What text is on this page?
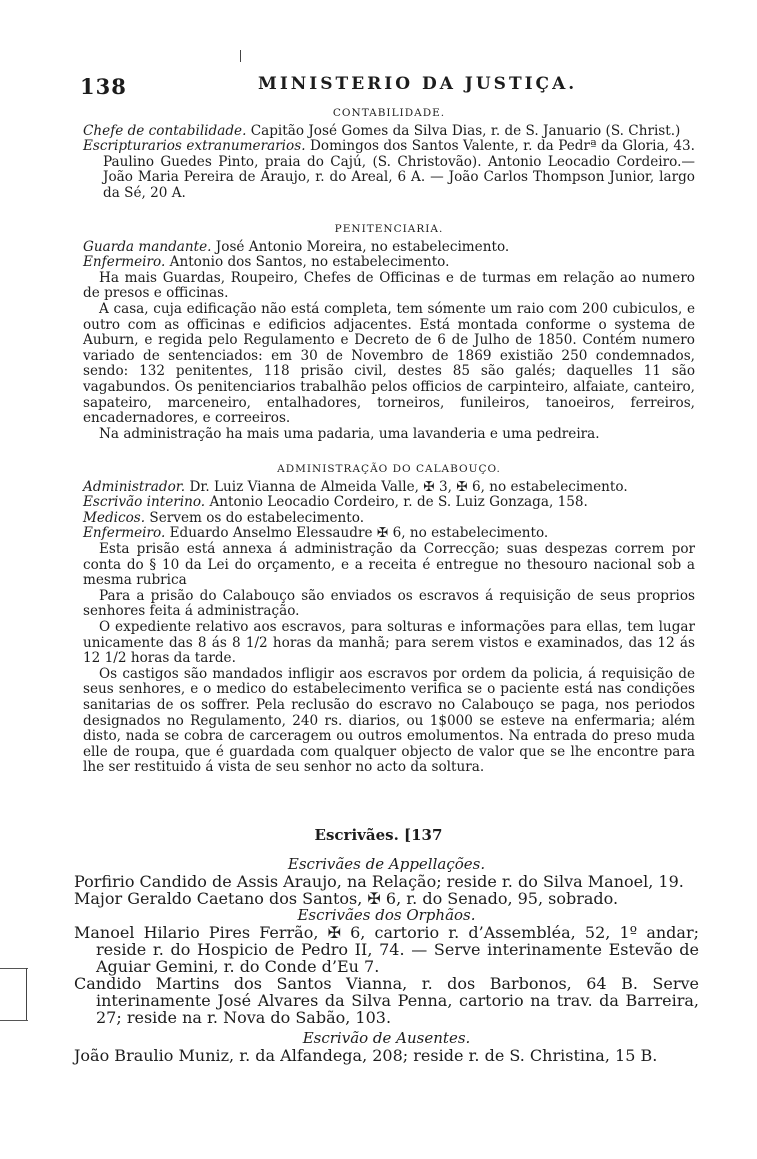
138	MINISTERIO DA JUSTIÇA.

CONTABILIDADE.

Chefe de contabilidade. Capitão José Gomes da Silva Dias, r. de S. Januario (S. Christ.)

Escripturarios extranumerarios. Domingos dos Santos Valente, r. da Pedrª da Gloria, 43. Paulino Guedes Pinto, praia do Cajú, (S. Christovão). Antonio Leocadio Cordeiro.— João Maria Pereira de Araujo, r. do Areal, 6 A. — João Carlos Thompson Junior, largo da Sé, 20 A.

PENITENCIARIA.

Guarda mandante. José Antonio Moreira, no estabelecimento.

Enfermeiro. Antonio dos Santos, no estabelecimento.

Ha mais Guardas, Roupeiro, Chefes de Officinas e de turmas em relação ao numero de presos e officinas.

A casa, cuja edificação não está completa, tem sómente um raio com 200 cubiculos, e outro com as officinas e edificios adjacentes. Está montada conforme o systema de Auburn, e regida pelo Regulamento e Decreto de 6 de Julho de 1850. Contém numero variado de sentenciados: em 30 de Novembro de 1869 existião 250 condemnados, sendo: 132 penitentes, 118 prisão civil, destes 85 são galés; daquelles 11 são vagabundos. Os penitenciarios trabalhão pelos officios de carpinteiro, alfaiate, canteiro, sapateiro, marceneiro, entalhadores, torneiros, funileiros, tanoeiros, ferreiros, encadernadores, e correeiros.

Na administração ha mais uma padaria, uma lavanderia e uma pedreira.

ADMINISTRAÇÃO DO CALABOUÇO.

Administrador. Dr. Luiz Vianna de Almeida Valle, ✠ 3, ✠ 6, no estabelecimento.

Escrivão interino. Antonio Leocadio Cordeiro, r. de S. Luiz Gonzaga, 158.

Medicos. Servem os do estabelecimento.

Enfermeiro. Eduardo Anselmo Elessaudre ✠ 6, no estabelecimento.

Esta prisão está annexa á administração da Correcção; suas despezas correm por conta do § 10 da Lei do orçamento, e a receita é entregue no thesouro nacional sob a mesma rubrica

Para a prisão do Calabouço são enviados os escravos á requisição de seus proprios senhores feita á administração.

O expediente relativo aos escravos, para solturas e informações para ellas, tem lugar unicamente das 8 ás 8 1/2 horas da manhã; para serem vistos e examinados, das 12 ás 12 1/2 horas da tarde.

Os castigos são mandados infligir aos escravos por ordem da policia, á requisição de seus senhores, e o medico do estabelecimento verifica se o paciente está nas condições sanitarias de os soffrer. Pela reclusão do escravo no Calabouço se paga, nos periodos designados no Regulamento, 240 rs. diarios, ou 1$000 se esteve na enfermaria; além disto, nada se cobra de carceragem ou outros emolumentos. Na entrada do preso muda elle de roupa, que é guardada com qualquer objecto de valor que se lhe encontre para lhe ser restituido á vista de seu senhor no acto da soltura.

Escrivães. [137

Escrivães de Appellações.

Porfirio Candido de Assis Araujo, na Relação; reside r. do Silva Manoel, 19.

Major Geraldo Caetano dos Santos, ✠ 6, r. do Senado, 95, sobrado.

Escrivães dos Orphãos.

Manoel Hilario Pires Ferrão, ✠ 6, cartorio r. d’Assembléa, 52, 1º andar; reside r. do Hospicio de Pedro II, 74. — Serve interinamente Estevão de Aguiar Gemini, r. do Conde d’Eu 7.

Candido Martins dos Santos Vianna, r. dos Barbonos, 64 B. Serve interinamente José Alvares da Silva Penna, cartorio na trav. da Barreira, 27; reside na r. Nova do Sabão, 103.

Escrivão de Ausentes.

João Braulio Muniz, r. da Alfandega, 208; reside r. de S. Christina, 15 B.
